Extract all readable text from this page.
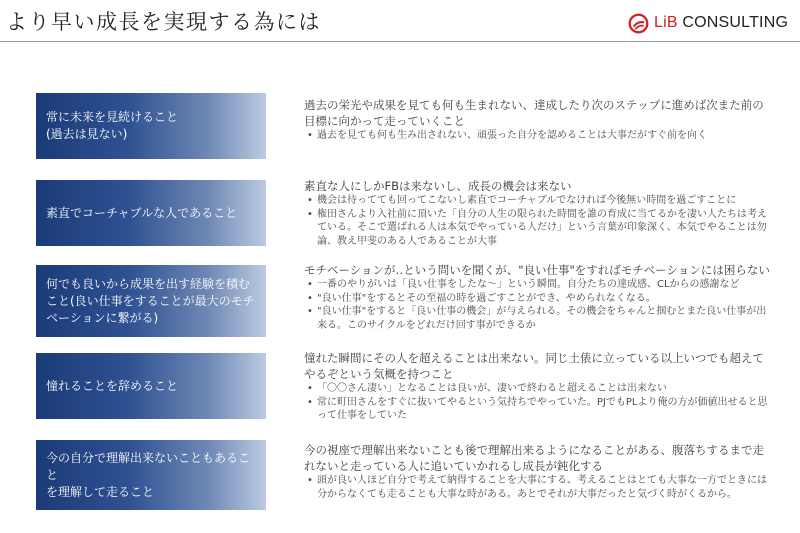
より早い成長を実現する為には	LiB CONSULTING
常に未来を見続けること
(過去は見ない)
過去の栄光や成果を見ても何も生まれない、達成したり次のステップに進めば次また前の目標に向かって走っていくこと
• 過去を見ても何も生み出されない、頑張った自分を認めることは大事だがすぐ前を向く
素直でコーチャブルな人であること
素直な人にしかFBは来ないし、成長の機会は来ない
• 機会は待ってても回ってこないし素直でコーチャブルでなければ今後無い時間を過ごすことに
• 権田さんより入社前に頂いた「自分の人生の限られた時間を誰の育成に当てるかを凄い人たちは考えている。そこで選ばれる人は本気でやっている人だけ」という言葉が印象深く、本気でやることは勿論、教え甲斐のある人であることが大事
何でも良いから成果を出す経験を積む
こと(良い仕事をすることが最大のモチ
ベーションに繋がる)
モチベーションが‥という問いを聞くが、"良い仕事"をすればモチベーションには困らない
• 一番のやりがいは「良い仕事をしたな～」という瞬間。自分たちの達成感、CLからの感謝など
• "良い仕事"をするとその至福の時を過ごすことができ、やめられなくなる。
• "良い仕事"をすると「良い仕事の機会」が与えられる。その機会をちゃんと掴むとまた良い仕事が出来る。このサイクルをどれだけ回す事ができるか
憧れることを辞めること
憧れた瞬間にその人を超えることは出来ない。同じ土俵に立っている以上いつでも超えてやるぞという気概を持つこと
• 「〇〇さん凄い」となることは良いが、凄いで終わると超えることは出来ない
• 常に町田さんをすぐに抜いてやるという気持ちでやっていた。PJでもPLより俺の方が価値出せると思って仕事をしていた
今の自分で理解出来ないこともあること
を理解して走ること
今の視座で理解出来ないことも後で理解出来るようになることがある、腹落ちするまで走れないと走っている人に追いていかれるし成長が鈍化する
• 頭が良い人ほど自分で考えて納得することを大事にする、考えることはとても大事な一方でときには分からなくても走ることも大事な時がある。あとでそれが大事だったと気づく時がくるから。
